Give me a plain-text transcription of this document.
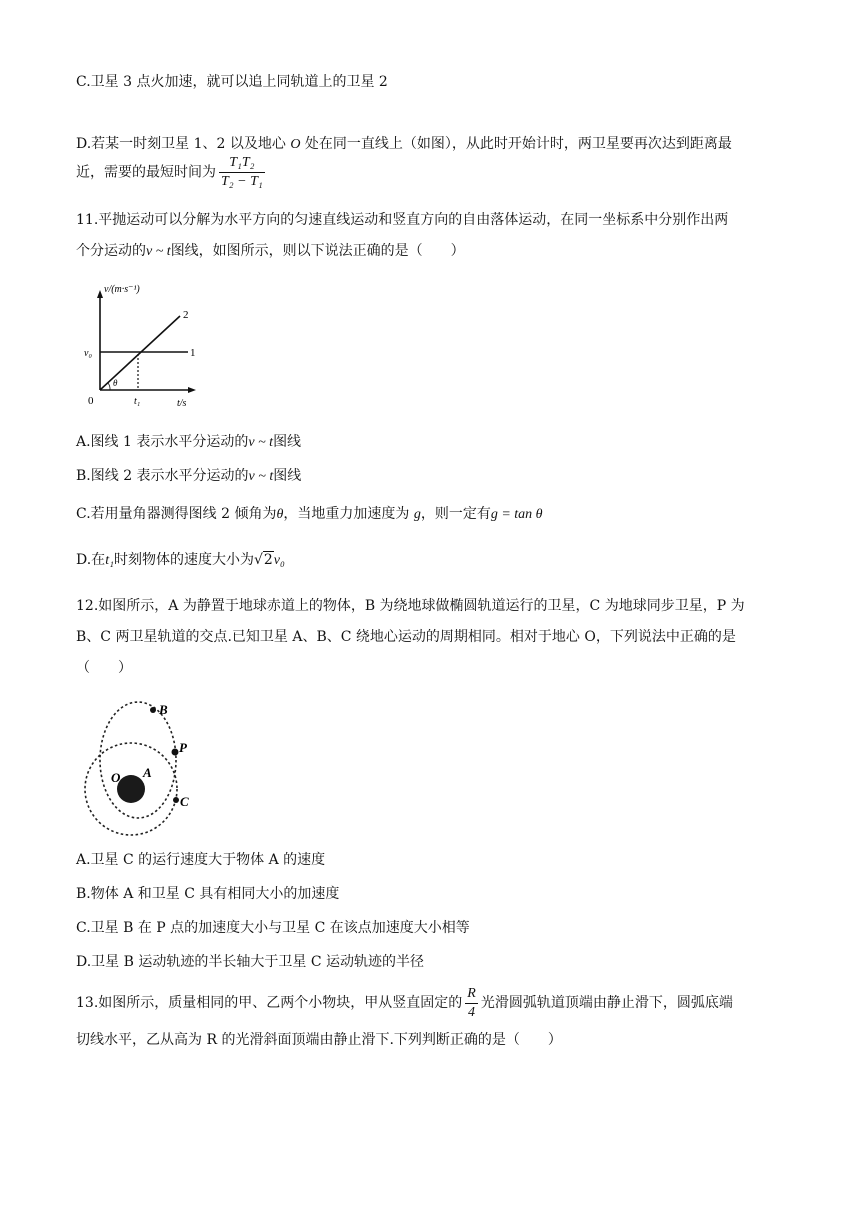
C.卫星 3 点火加速，就可以追上同轨道上的卫星 2
D.若某一时刻卫星 1、2 以及地心 O 处在同一直线上（如图），从此时开始计时，两卫星要再次达到距离最
近，需要的最短时间为 $\frac{\text{T₁T₂}}{\text{T₂ − T₁}}$
11.平抛运动可以分解为水平方向的匀速直线运动和竖直方向的自由落体运动，在同一坐标系中分别作出两
个分运动的v ~ t图线，如图所示，则以下说法正确的是（　　）
v/(m·s⁻¹)
t/s
0
v₀
t₁
θ
1
2
A.图线 1 表示水平分运动的v ~ t图线
B.图线 2 表示水平分运动的v ~ t图线
C.若用量角器测得图线 2 倾角为θ，当地重力加速度为 g，则一定有g = tan θ
D.在t₁时刻物体的速度大小为√2v₀
12.如图所示，A 为静置于地球赤道上的物体，B 为绕地球做椭圆轨道运行的卫星，C 为地球同步卫星，P 为
B、C 两卫星轨道的交点.已知卫星 A、B、C 绕地心运动的周期相同。相对于地心 O，下列说法中正确的是
（　　）
B
P
O A
C
A.卫星 C 的运行速度大于物体 A 的速度
B.物体 A 和卫星 C 具有相同大小的加速度
C.卫星 B 在 P 点的加速度大小与卫星 C 在该点加速度大小相等
D.卫星 B 运动轨迹的半长轴大于卫星 C 运动轨迹的半径
13.如图所示，质量相同的甲、乙两个小物块，甲从竖直固定的 $\frac{R}{4}$ 光滑圆弧轨道顶端由静止滑下，圆弧底端
切线水平，乙从高为 R 的光滑斜面顶端由静止滑下.下列判断正确的是（　　）
